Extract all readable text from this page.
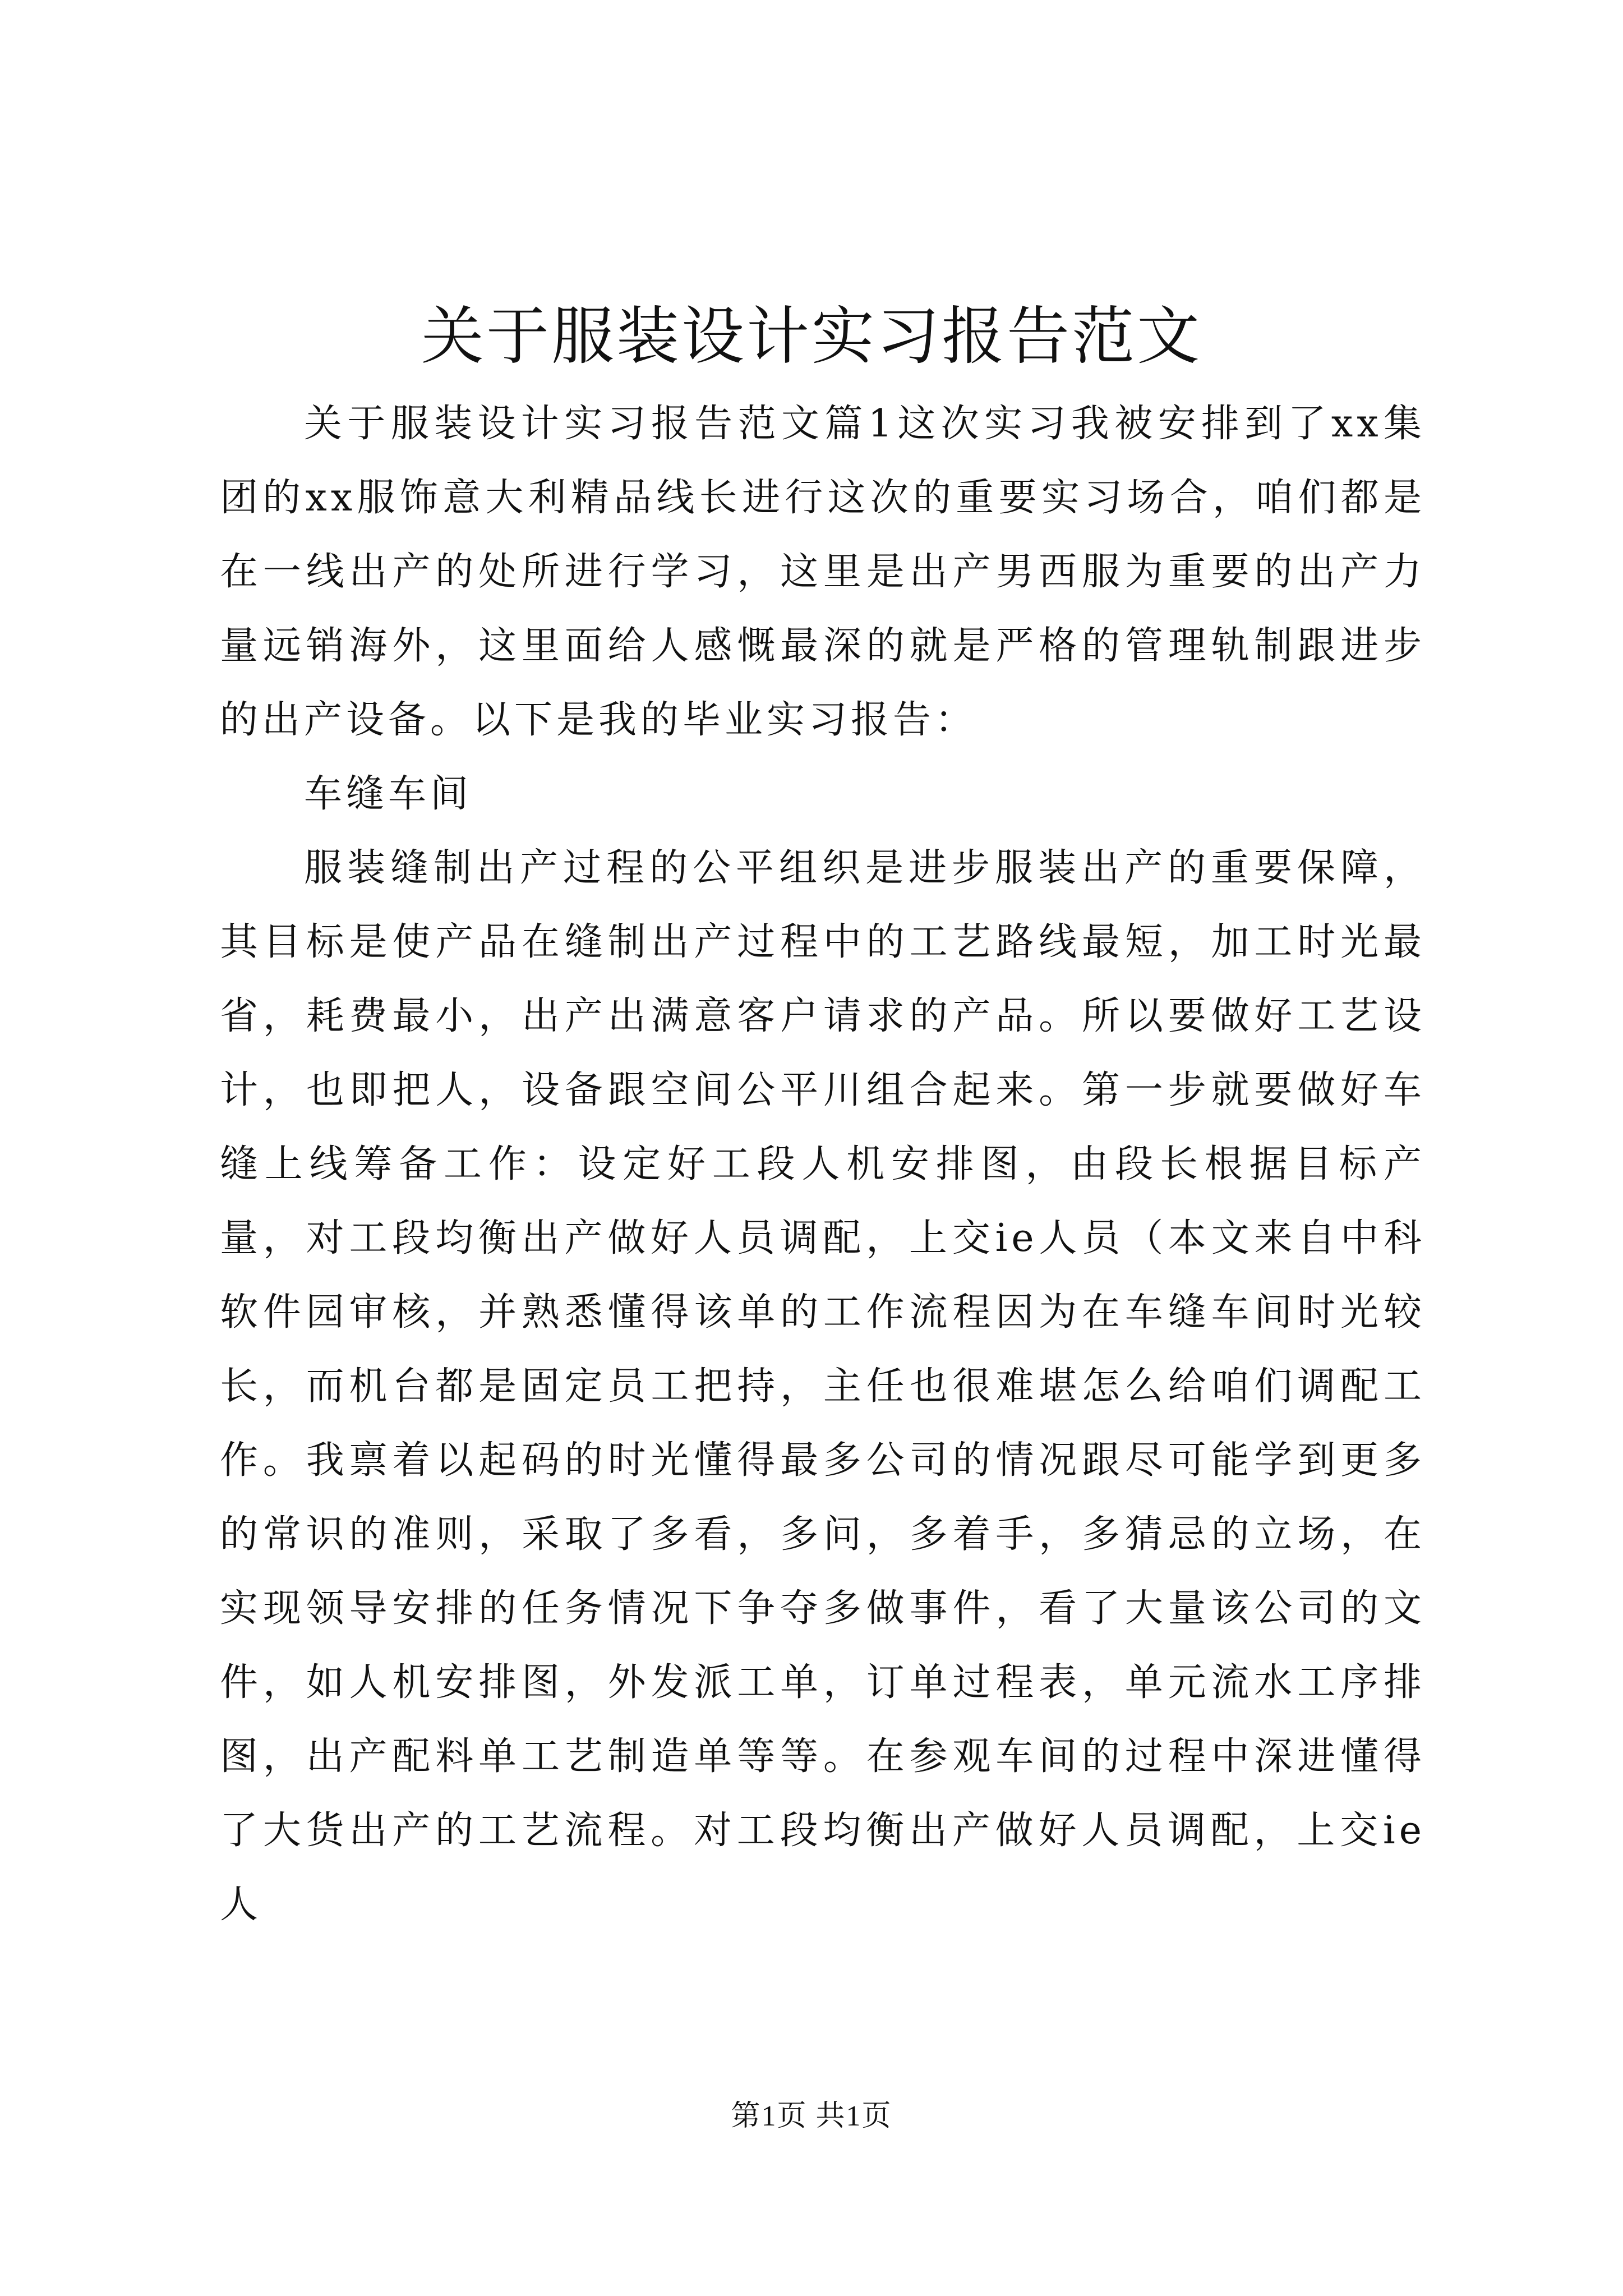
关于服装设计实习报告范文

关于服装设计实习报告范文篇1这次实习我被安排到了xx集团的xx服饰意大利精品线长进行这次的重要实习场合，咱们都是在一线出产的处所进行学习，这里是出产男西服为重要的出产力量远销海外，这里面给人感慨最深的就是严格的管理轨制跟进步的出产设备。以下是我的毕业实习报告：

车缝车间

服装缝制出产过程的公平组织是进步服装出产的重要保障，其目标是使产品在缝制出产过程中的工艺路线最短，加工时光最省，耗费最小，出产出满意客户请求的产品。所以要做好工艺设计，也即把人，设备跟空间公平川组合起来。第一步就要做好车缝上线筹备工作：设定好工段人机安排图，由段长根据目标产量，对工段均衡出产做好人员调配，上交ie人员（本文来自中科软件园审核，并熟悉懂得该单的工作流程因为在车缝车间时光较长，而机台都是固定员工把持，主任也很难堪怎么给咱们调配工作。我禀着以起码的时光懂得最多公司的情况跟尽可能学到更多的常识的准则，采取了多看，多问，多着手，多猜忌的立场，在实现领导安排的任务情况下争夺多做事件，看了大量该公司的文件，如人机安排图，外发派工单，订单过程表，单元流水工序排图，出产配料单工艺制造单等等。在参观车间的过程中深进懂得了大货出产的工艺流程。对工段均衡出产做好人员调配，上交ie人

第1页 共1页
